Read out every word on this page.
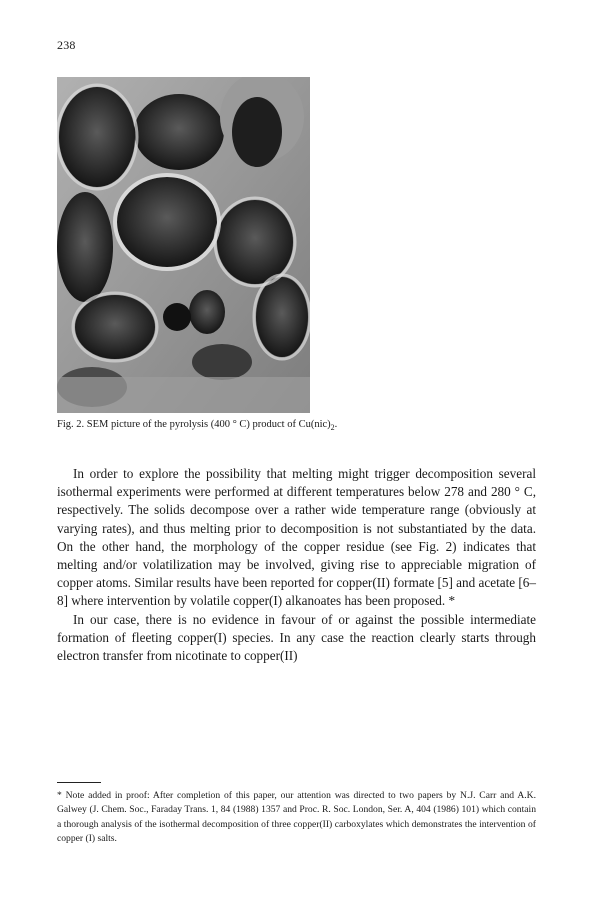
238
Fig. 2. SEM picture of the pyrolysis (400 ° C) product of $Cu(nic)_2$.

In order to explore the possibility that melting might trigger decomposition several isothermal experiments were performed at different temperatures below 278 and 280 ° C, respectively. The solids decompose over a rather wide temperature range (obviously at varying rates), and thus melting prior to decomposition is not substantiated by the data. On the other hand, the morphology of the copper residue (see Fig. 2) indicates that melting and/or volatilization may be involved, giving rise to appreciable migration of copper atoms. Similar results have been reported for copper(II) formate [5] and acetate [6–8] where intervention by volatile copper(I) alkanoates has been proposed. *

In our case, there is no evidence in favour of or against the possible intermediate formation of fleeting copper(I) species. In any case the reaction clearly starts through electron transfer from nicotinate to copper(II)

* Note added in proof: After completion of this paper, our attention was directed to two papers by N.J. Carr and A.K. Galwey (J. Chem. Soc., Faraday Trans. 1, 84 (1988) 1357 and Proc. R. Soc. London, Ser. A, 404 (1986) 101) which contain a thorough analysis of the isothermal decomposition of three copper(II) carboxylates which demonstrates the intervention of copper (I) salts.
